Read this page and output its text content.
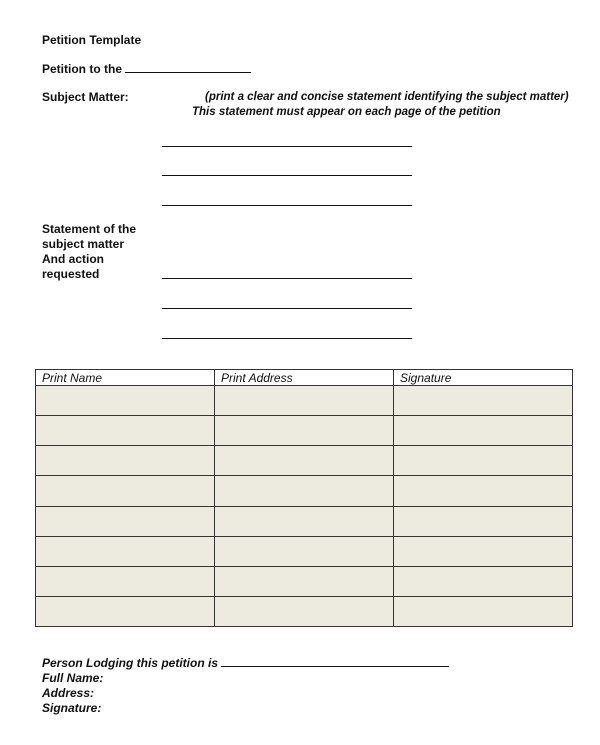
Petition Template
Petition to the
Subject Matter:	(print a clear and concise statement identifying the subject matter)
This statement must appear on each page of the petition
Statement of the
subject matter
And action
requested
Print Name	Print Address	Signature

Person Lodging this petition is
Full Name:
Address:
Signature:
